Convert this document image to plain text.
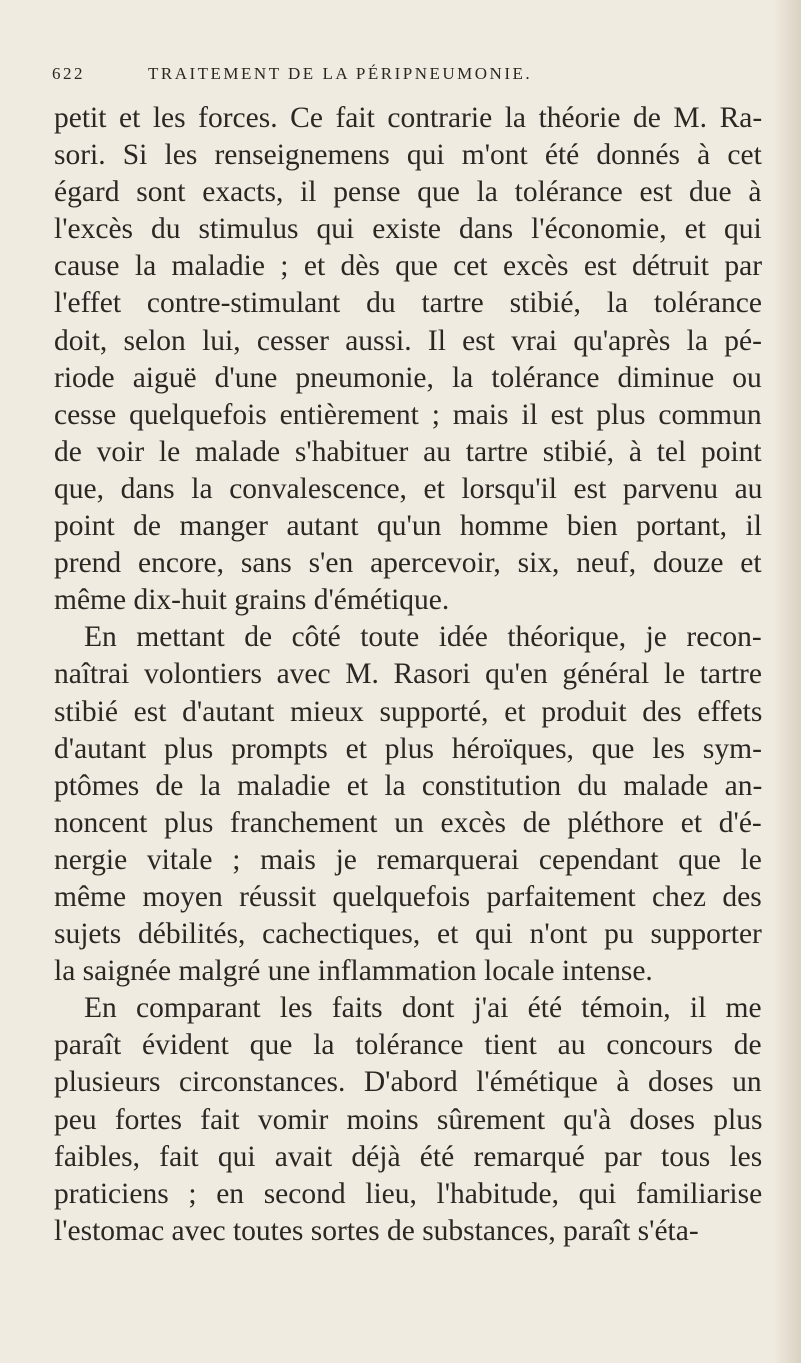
622	TRAITEMENT DE LA PÉRIPNEUMONIE.

petit et les forces. Ce fait contrarie la théorie de M. Ra-
sori. Si les renseignemens qui m'ont été donnés à cet
égard sont exacts, il pense que la tolérance est due à
l'excès du stimulus qui existe dans l'économie, et qui
cause la maladie ; et dès que cet excès est détruit par
l'effet contre-stimulant du tartre stibié, la tolérance
doit, selon lui, cesser aussi. Il est vrai qu'après la pé-
riode aiguë d'une pneumonie, la tolérance diminue ou
cesse quelquefois entièrement ; mais il est plus commun
de voir le malade s'habituer au tartre stibié, à tel point
que, dans la convalescence, et lorsqu'il est parvenu au
point de manger autant qu'un homme bien portant, il
prend encore, sans s'en apercevoir, six, neuf, douze et
même dix-huit grains d'émétique.

En mettant de côté toute idée théorique, je recon-
naîtrai volontiers avec M. Rasori qu'en général le tartre
stibié est d'autant mieux supporté, et produit des effets
d'autant plus prompts et plus héroïques, que les sym-
ptômes de la maladie et la constitution du malade an-
noncent plus franchement un excès de pléthore et d'é-
nergie vitale ; mais je remarquerai cependant que le
même moyen réussit quelquefois parfaitement chez des
sujets débilités, cachectiques, et qui n'ont pu supporter
la saignée malgré une inflammation locale intense.

En comparant les faits dont j'ai été témoin, il me
paraît évident que la tolérance tient au concours de
plusieurs circonstances. D'abord l'émétique à doses un
peu fortes fait vomir moins sûrement qu'à doses plus
faibles, fait qui avait déjà été remarqué par tous les
praticiens ; en second lieu, l'habitude, qui familiarise
l'estomac avec toutes sortes de substances, paraît s'éta-
